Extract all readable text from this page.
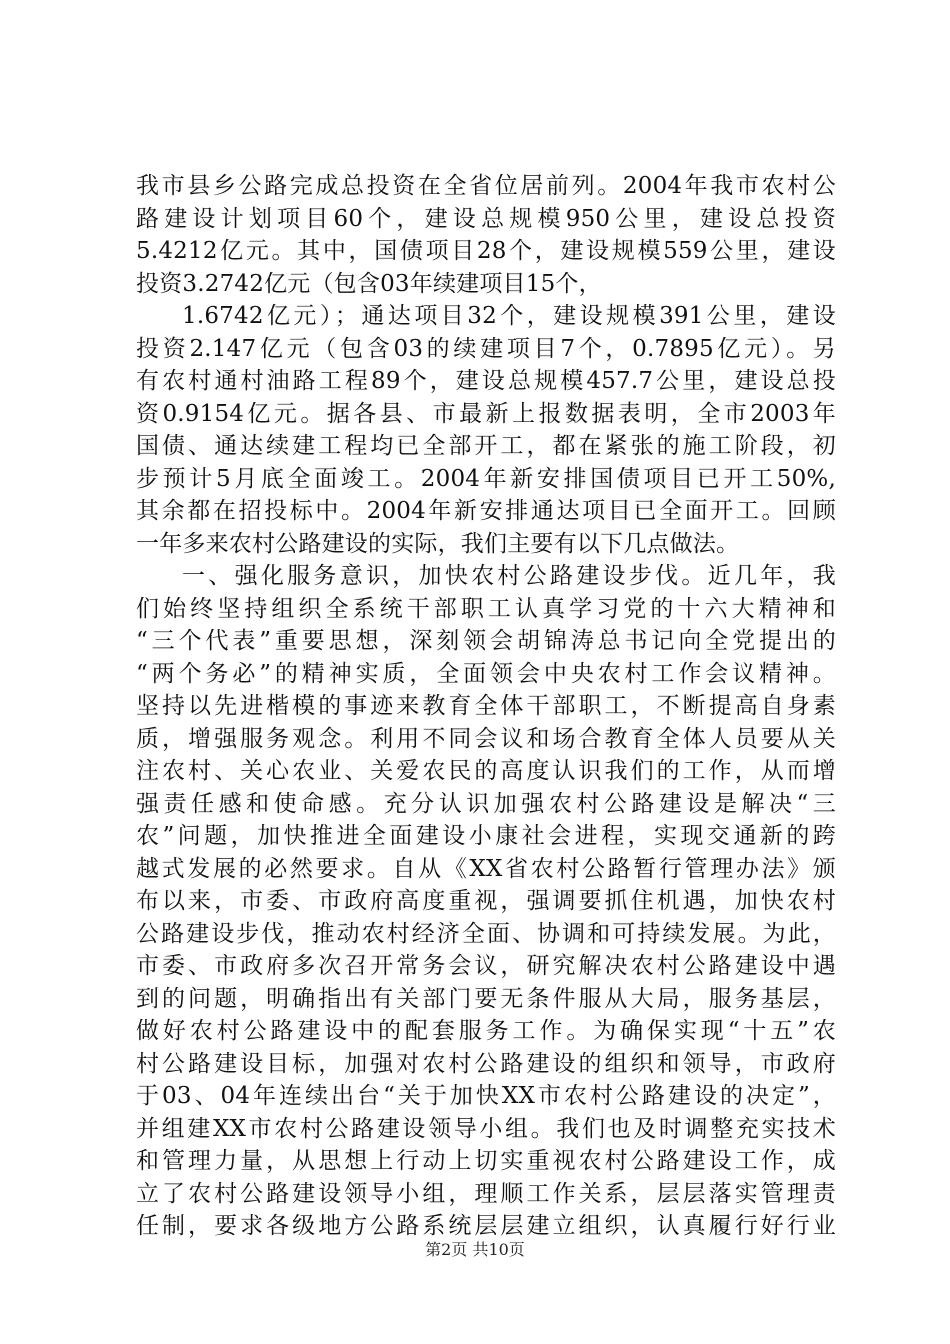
我市县乡公路完成总投资在全省位居前列。2004年我市农村公
路建设计划项目60个，建设总规模950公里，建设总投资
5.4212亿元。其中，国债项目28个，建设规模559公里，建设
投资3.2742亿元（包含03年续建项目15个，
1.6742亿元）；通达项目32个，建设规模391公里，建设
投资2.147亿元（包含03的续建项目7个，0.7895亿元）。另
有农村通村油路工程89个，建设总规模457.7公里，建设总投
资0.9154亿元。据各县、市最新上报数据表明，全市2003年
国债、通达续建工程均已全部开工，都在紧张的施工阶段，初
步预计5月底全面竣工。2004年新安排国债项目已开工50%,
其余都在招投标中。2004年新安排通达项目已全面开工。回顾
一年多来农村公路建设的实际，我们主要有以下几点做法。
一、强化服务意识，加快农村公路建设步伐。近几年，我
们始终坚持组织全系统干部职工认真学习党的十六大精神和
“三个代表”重要思想，深刻领会胡锦涛总书记向全党提出的
“两个务必”的精神实质，全面领会中央农村工作会议精神。
坚持以先进楷模的事迹来教育全体干部职工，不断提高自身素
质，增强服务观念。利用不同会议和场合教育全体人员要从关
注农村、关心农业、关爱农民的高度认识我们的工作，从而增
强责任感和使命感。充分认识加强农村公路建设是解决“三
农”问题，加快推进全面建设小康社会进程，实现交通新的跨
越式发展的必然要求。自从《XX省农村公路暂行管理办法》颁
布以来，市委、市政府高度重视，强调要抓住机遇，加快农村
公路建设步伐，推动农村经济全面、协调和可持续发展。为此，
市委、市政府多次召开常务会议，研究解决农村公路建设中遇
到的问题，明确指出有关部门要无条件服从大局，服务基层，
做好农村公路建设中的配套服务工作。为确保实现“十五”农
村公路建设目标，加强对农村公路建设的组织和领导，市政府
于03、04年连续出台“关于加快XX市农村公路建设的决定”，
并组建XX市农村公路建设领导小组。我们也及时调整充实技术
和管理力量，从思想上行动上切实重视农村公路建设工作，成
立了农村公路建设领导小组，理顺工作关系，层层落实管理责
任制，要求各级地方公路系统层层建立组织，认真履行好行业
第2页 共10页
